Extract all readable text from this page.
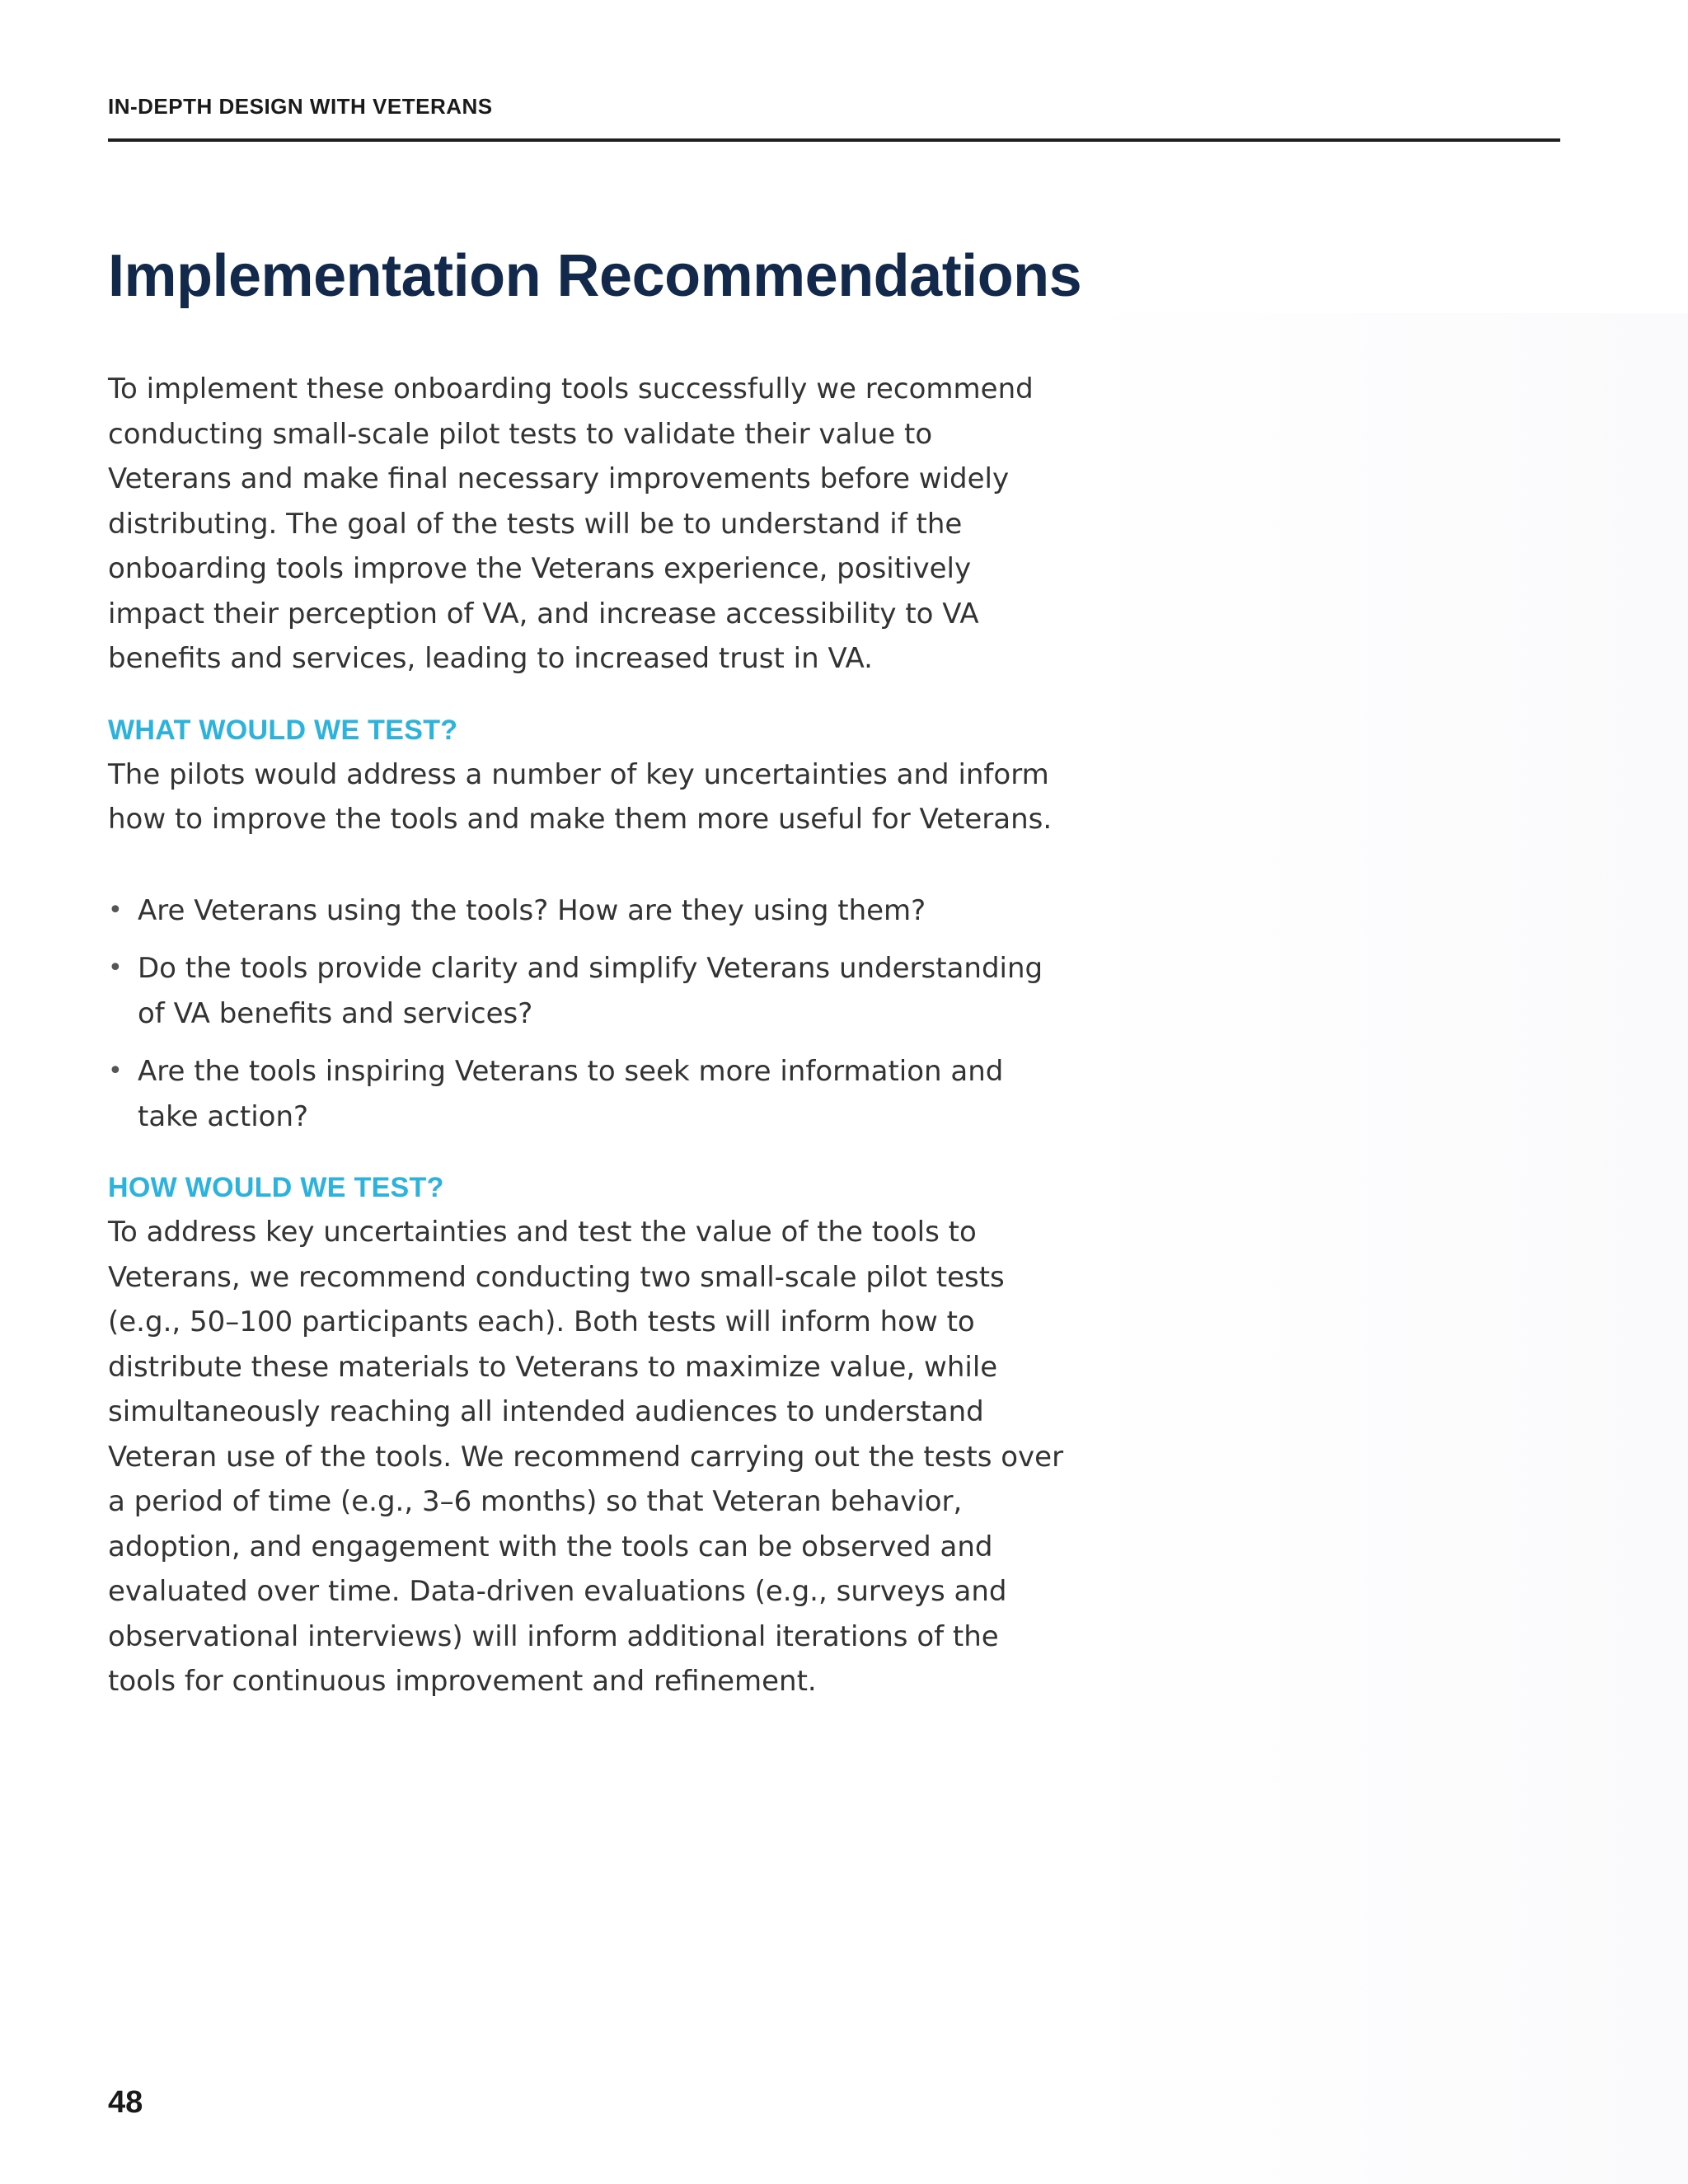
IN-DEPTH DESIGN WITH VETERANS
Implementation Recommendations

To implement these onboarding tools successfully we recommend conducting small-scale pilot tests to validate their value to Veterans and make final necessary improvements before widely distributing. The goal of the tests will be to understand if the onboarding tools improve the Veterans experience, positively impact their perception of VA, and increase accessibility to VA benefits and services, leading to increased trust in VA.

WHAT WOULD WE TEST?

The pilots would address a number of key uncertainties and inform how to improve the tools and make them more useful for Veterans.

• Are Veterans using the tools? How are they using them?
• Do the tools provide clarity and simplify Veterans understanding of VA benefits and services?
• Are the tools inspiring Veterans to seek more information and take action?
HOW WOULD WE TEST?

To address key uncertainties and test the value of the tools to Veterans, we recommend conducting two small-scale pilot tests (e.g., 50–100 participants each). Both tests will inform how to distribute these materials to Veterans to maximize value, while simultaneously reaching all intended audiences to understand Veteran use of the tools. We recommend carrying out the tests over a period of time (e.g., 3–6 months) so that Veteran behavior, adoption, and engagement with the tools can be observed and evaluated over time. Data-driven evaluations (e.g., surveys and observational interviews) will inform additional iterations of the tools for continuous improvement and refinement.

48
